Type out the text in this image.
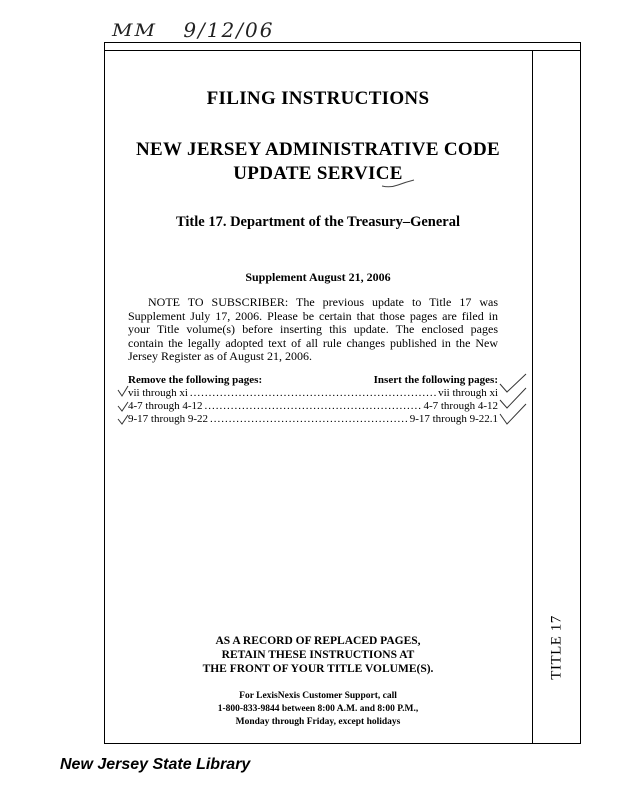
MM 9/12/06
FILING INSTRUCTIONS
NEW JERSEY ADMINISTRATIVE CODE
UPDATE SERVICE
Title 17. Department of the Treasury–General
Supplement August 21, 2006
NOTE TO SUBSCRIBER: The previous update to Title 17 was Supplement July 17, 2006. Please be certain that those pages are filed in your Title volume(s) before inserting this update. The enclosed pages contain the legally adopted text of all rule changes published in the New Jersey Register as of August 21, 2006.
Remove the following pages:	Insert the following pages:
vii through xi .....	vii through xi
4-7 through 4-12 .....	4-7 through 4-12
9-17 through 9-22 .....	9-17 through 9-22.1
AS A RECORD OF REPLACED PAGES,
RETAIN THESE INSTRUCTIONS AT
THE FRONT OF YOUR TITLE VOLUME(S).
For LexisNexis Customer Support, call
1-800-833-9844 between 8:00 A.M. and 8:00 P.M.,
Monday through Friday, except holidays
TITLE 17
New Jersey State Library
